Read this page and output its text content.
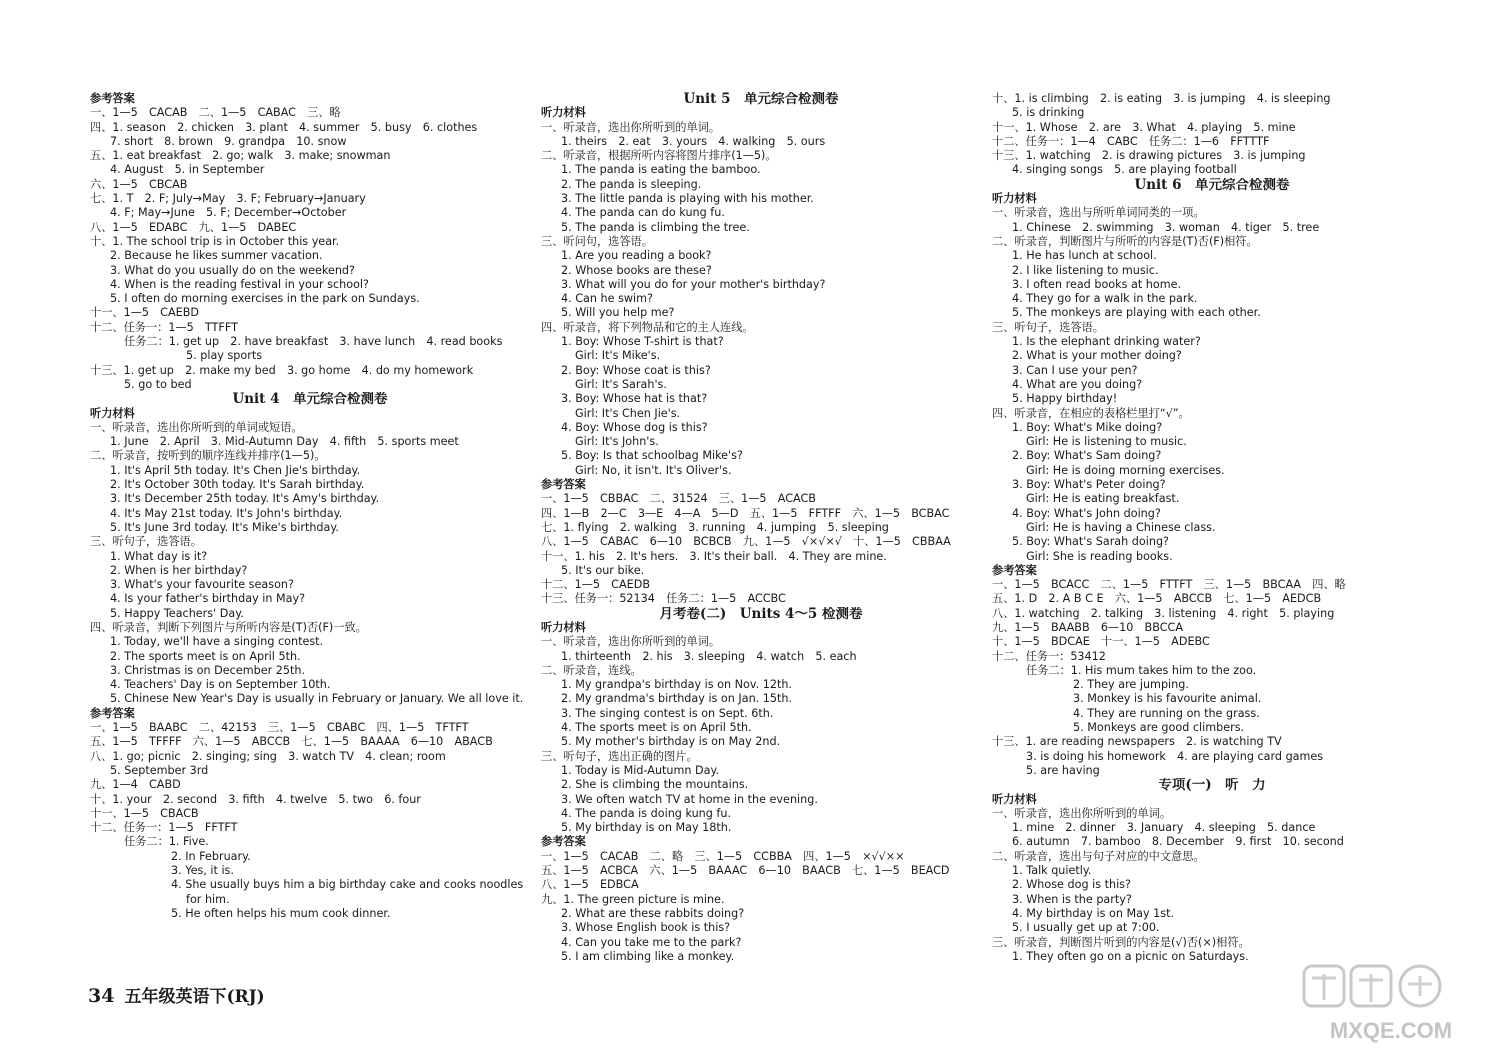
参考答案
一、1—5　CACAB　二、1—5　CABAC　三、略
四、1. season　2. chicken　3. plant　4. summer　5. busy　6. clothes
7. short　8. brown　9. grandpa　10. snow
五、1. eat breakfast　2. go; walk　3. make; snowman
4. August　5. in September
六、1—5　CBCAB
七、1. T　2. F; July→May　3. F; February→January
4. F; May→June　5. F; December→October
八、1—5　EDABC　九、1—5　DABEC
十、1. The school trip is in October this year.
2. Because he likes summer vacation.
3. What do you usually do on the weekend?
4. When is the reading festival in your school?
5. I often do morning exercises in the park on Sundays.
十一、1—5　CAEBD
十二、任务一：1—5　TTFFT
任务二：1. get up　2. have breakfast　3. have lunch　4. read books
5. play sports
十三、1. get up　2. make my bed　3. go home　4. do my homework
5. go to bed
Unit 4　单元综合检测卷
听力材料
一、听录音，选出你所听到的单词或短语。
1. June　2. April　3. Mid-Autumn Day　4. fifth　5. sports meet
二、听录音，按听到的顺序连线并排序(1—5)。
1. It's April 5th today. It's Chen Jie's birthday.
2. It's October 30th today. It's Sarah birthday.
3. It's December 25th today. It's Amy's birthday.
4. It's May 21st today. It's John's birthday.
5. It's June 3rd today. It's Mike's birthday.
三、听句子，选答语。
1. What day is it?
2. When is her birthday?
3. What's your favourite season?
4. Is your father's birthday in May?
5. Happy Teachers' Day.
四、听录音，判断下列图片与所听内容是(T)否(F)一致。
1. Today, we'll have a singing contest.
2. The sports meet is on April 5th.
3. Christmas is on December 25th.
4. Teachers' Day is on September 10th.
5. Chinese New Year's Day is usually in February or January. We all love it.
参考答案
一、1—5　BAABC　二、42153　三、1—5　CBABC　四、1—5　TFTFT
五、1—5　TFFFF　六、1—5　ABCCB　七、1—5　BAAAA　6—10　ABACB
八、1. go; picnic　2. singing; sing　3. watch TV　4. clean; room
5. September 3rd
九、1—4　CABD
十、1. your　2. second　3. fifth　4. twelve　5. two　6. four
十一、1—5　CBACB
十二、任务一：1—5　FFTFT
任务二：1. Five.
2. In February.
3. Yes, it is.
4. She usually buys him a big birthday cake and cooks noodles
for him.
5. He often helps his mum cook dinner.
Unit 5　单元综合检测卷
听力材料
一、听录音，选出你所听到的单词。
1. theirs　2. eat　3. yours　4. walking　5. ours
二、听录音，根据所听内容将图片排序(1—5)。
1. The panda is eating the bamboo.
2. The panda is sleeping.
3. The little panda is playing with his mother.
4. The panda can do kung fu.
5. The panda is climbing the tree.
三、听问句，选答语。
1. Are you reading a book?
2. Whose books are these?
3. What will you do for your mother's birthday?
4. Can he swim?
5. Will you help me?
四、听录音，将下列物品和它的主人连线。
1. Boy: Whose T-shirt is that?
Girl: It's Mike's.
2. Boy: Whose coat is this?
Girl: It's Sarah's.
3. Boy: Whose hat is that?
Girl: It's Chen Jie's.
4. Boy: Whose dog is this?
Girl: It's John's.
5. Boy: Is that schoolbag Mike's?
Girl: No, it isn't. It's Oliver's.
参考答案
一、1—5　CBBAC　二、31524　三、1—5　ACACB
四、1—B　2—C　3—E　4—A　5—D　五、1—5　FFTFF　六、1—5　BCBAC
七、1. flying　2. walking　3. running　4. jumping　5. sleeping
八、1—5　CABAC　6—10　BCBCB　九、1—5　√×√×√　十、1—5　CBBAA
十一、1. his　2. It's hers.　3. It's their ball.　4. They are mine.
5. It's our bike.
十二、1—5　CAEDB
十三、任务一：52134　任务二：1—5　ACCBC
月考卷(二)　Units 4～5 检测卷
听力材料
一、听录音，选出你所听到的单词。
1. thirteenth　2. his　3. sleeping　4. watch　5. each
二、听录音，连线。
1. My grandpa's birthday is on Nov. 12th.
2. My grandma's birthday is on Jan. 15th.
3. The singing contest is on Sept. 6th.
4. The sports meet is on April 5th.
5. My mother's birthday is on May 2nd.
三、听句子，选出正确的图片。
1. Today is Mid-Autumn Day.
2. She is climbing the mountains.
3. We often watch TV at home in the evening.
4. The panda is doing kung fu.
5. My birthday is on May 18th.
参考答案
一、1—5　CACAB　二、略　三、1—5　CCBBA　四、1—5　×√√××
五、1—5　ACBCA　六、1—5　BAAAC　6—10　BAACB　七、1—5　BEACD
八、1—5　EDBCA
九、1. The green picture is mine.
2. What are these rabbits doing?
3. Whose English book is this?
4. Can you take me to the park?
5. I am climbing like a monkey.
十、1. is climbing　2. is eating　3. is jumping　4. is sleeping
5. is drinking
十一、1. Whose　2. are　3. What　4. playing　5. mine
十二、任务一：1—4　CABC　任务二：1—6　FFTTTF
十三、1. watching　2. is drawing pictures　3. is jumping
4. singing songs　5. are playing football
Unit 6　单元综合检测卷
听力材料
一、听录音，选出与所听单词同类的一项。
1. Chinese　2. swimming　3. woman　4. tiger　5. tree
二、听录音，判断图片与所听的内容是(T)否(F)相符。
1. He has lunch at school.
2. I like listening to music.
3. I often read books at home.
4. They go for a walk in the park.
5. The monkeys are playing with each other.
三、听句子，选答语。
1. Is the elephant drinking water?
2. What is your mother doing?
3. Can I use your pen?
4. What are you doing?
5. Happy birthday!
四、听录音，在相应的表格栏里打“√”。
1. Boy: What's Mike doing?
Girl: He is listening to music.
2. Boy: What's Sam doing?
Girl: He is doing morning exercises.
3. Boy: What's Peter doing?
Girl: He is eating breakfast.
4. Boy: What's John doing?
Girl: He is having a Chinese class.
5. Boy: What's Sarah doing?
Girl: She is reading books.
参考答案
一、1—5　BCACC　二、1—5　FTTFT　三、1—5　BBCAA　四、略
五、1. D　2. A B C E　六、1—5　ABCCB　七、1—5　AEDCB
八、1. watching　2. talking　3. listening　4. right　5. playing
九、1—5　BAABB　6—10　BBCCA
十、1—5　BDCAE　十一、1—5　ADEBC
十二、任务一：53412
任务二：1. His mum takes him to the zoo.
2. They are jumping.
3. Monkey is his favourite animal.
4. They are running on the grass.
5. Monkeys are good climbers.
十三、1. are reading newspapers　2. is watching TV
3. is doing his homework　4. are playing card games
5. are having
专项(一)　听　力
听力材料
一、听录音，选出你所听到的单词。
1. mine　2. dinner　3. January　4. sleeping　5. dance
6. autumn　7. bamboo　8. December　9. first　10. second
二、听录音，选出与句子对应的中文意思。
1. Talk quietly.
2. Whose dog is this?
3. When is the party?
4. My birthday is on May 1st.
5. I usually get up at 7:00.
三、听录音，判断图片听到的内容是(√)否(×)相符。
1. They often go on a picnic on Saturdays.
34 五年级英语下(RJ)
MXQE.COM
